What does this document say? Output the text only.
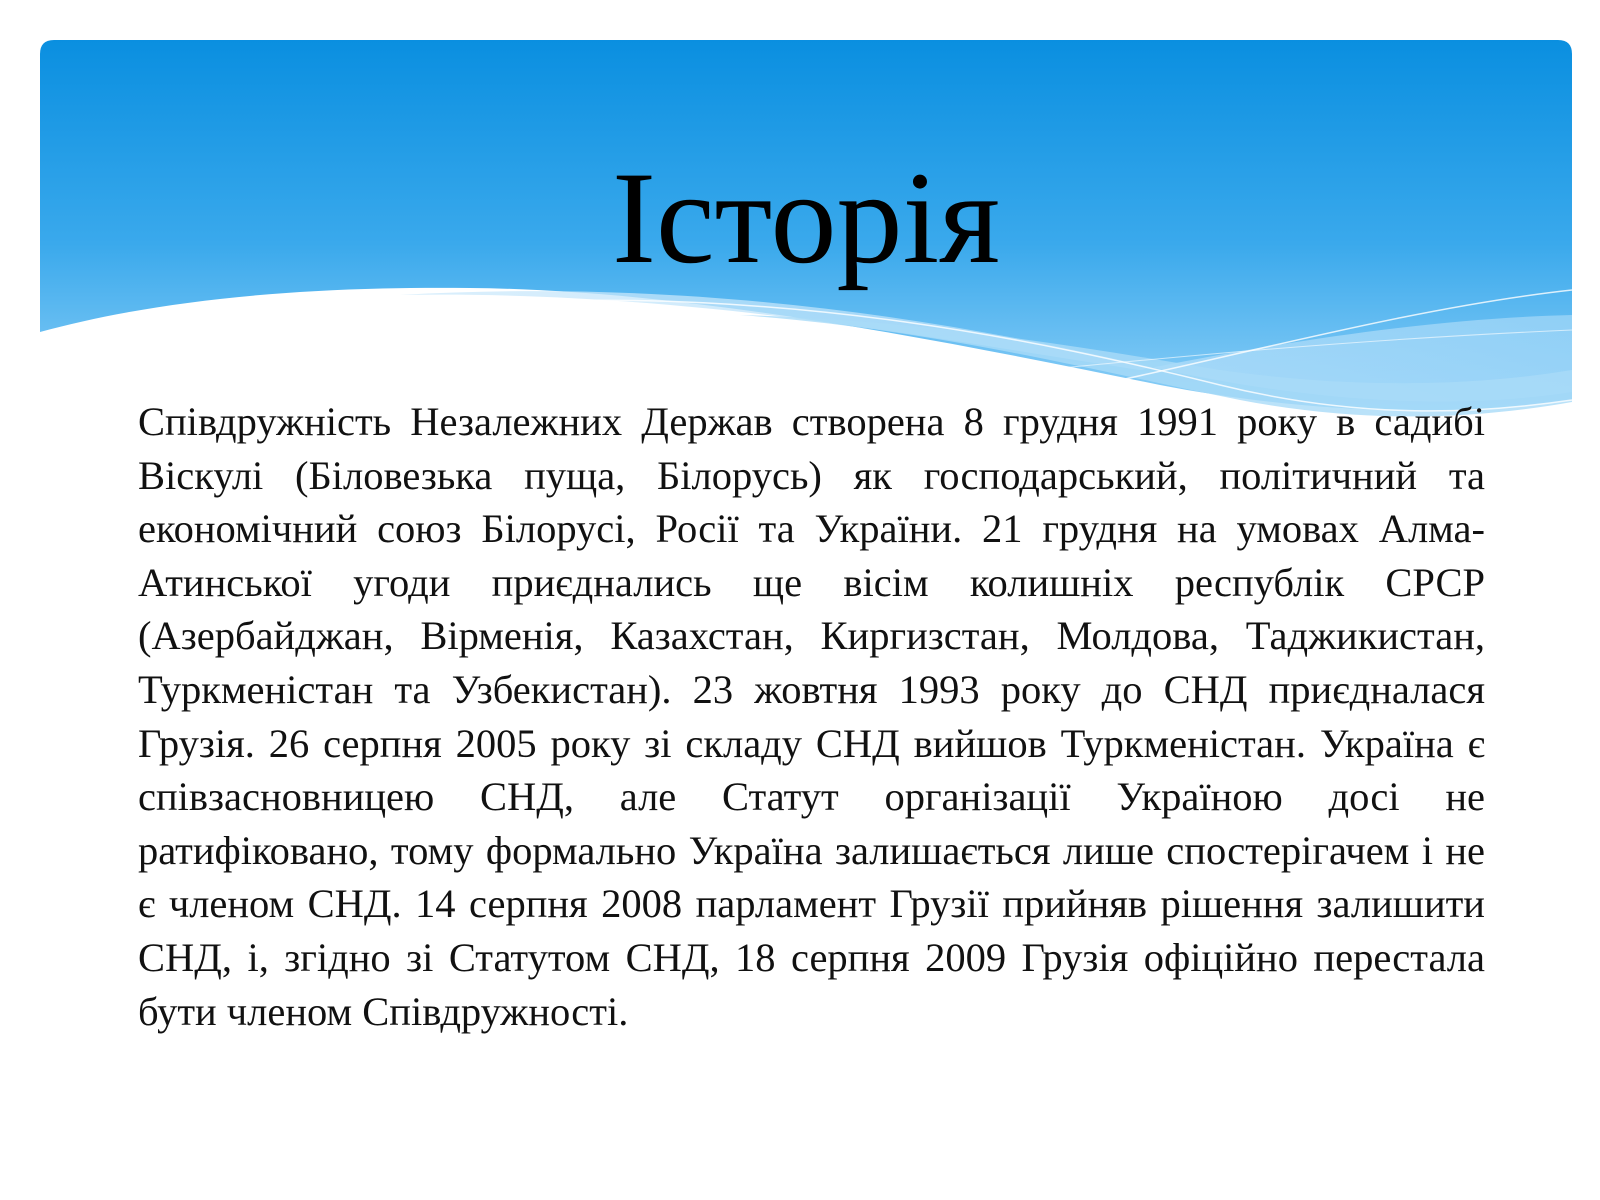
Історія

Співдружність Незалежних Держав створена 8 грудня 1991 року в садибі Віскулі (Біловезька пуща, Білорусь) як господарський, політичний та економічний союз Білорусі, Росії та України. 21 грудня на умовах Алма-Атинської угоди приєднались ще вісім колишніх республік СРСР (Азербайджан, Вірменія, Казахстан, Киргизстан, Молдова, Таджикистан, Туркменістан та Узбекистан). 23 жовтня 1993 року до СНД приєдналася Грузія. 26 серпня 2005 року зі складу СНД вийшов Туркменістан. Україна є співзасновницею СНД, але Статут організації Україною досі не ратифіковано, тому формально Україна залишається лише спостерігачем і не є членом СНД. 14 серпня 2008 парламент Грузії прийняв рішення залишити СНД, і, згідно зі Статутом СНД, 18 серпня 2009 Грузія офіційно перестала бути членом Співдружності.
